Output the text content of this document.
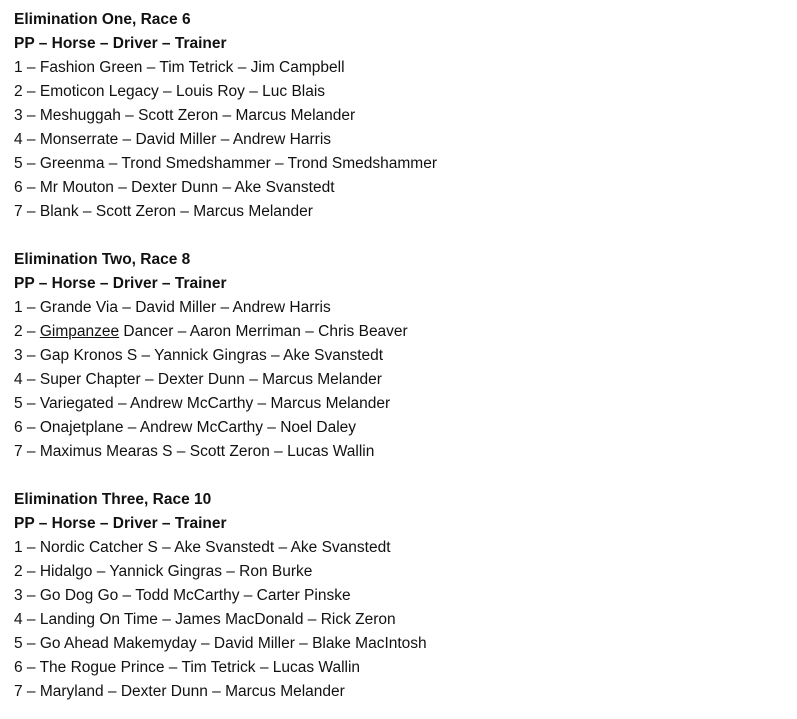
Elimination One, Race 6
PP – Horse – Driver – Trainer
1 – Fashion Green – Tim Tetrick – Jim Campbell
2 – Emoticon Legacy – Louis Roy – Luc Blais
3 – Meshuggah – Scott Zeron – Marcus Melander
4 – Monserrate – David Miller – Andrew Harris
5 – Greenma – Trond Smedshammer – Trond Smedshammer
6 – Mr Mouton – Dexter Dunn – Ake Svanstedt
7 – Blank – Scott Zeron – Marcus Melander
Elimination Two, Race 8
PP – Horse – Driver – Trainer
1 – Grande Via – David Miller – Andrew Harris
2 – Gimpanzee Dancer – Aaron Merriman – Chris Beaver
3 – Gap Kronos S – Yannick Gingras – Ake Svanstedt
4 – Super Chapter – Dexter Dunn – Marcus Melander
5 – Variegated – Andrew McCarthy – Marcus Melander
6 – Onajetplane – Andrew McCarthy – Noel Daley
7 – Maximus Mearas S – Scott Zeron – Lucas Wallin
Elimination Three, Race 10
PP – Horse – Driver – Trainer
1 – Nordic Catcher S – Ake Svanstedt – Ake Svanstedt
2 – Hidalgo – Yannick Gingras – Ron Burke
3 – Go Dog Go – Todd McCarthy – Carter Pinske
4 – Landing On Time – James MacDonald – Rick Zeron
5 – Go Ahead Makemyday – David Miller – Blake MacIntosh
6 – The Rogue Prince – Tim Tetrick – Lucas Wallin
7 – Maryland – Dexter Dunn – Marcus Melander
